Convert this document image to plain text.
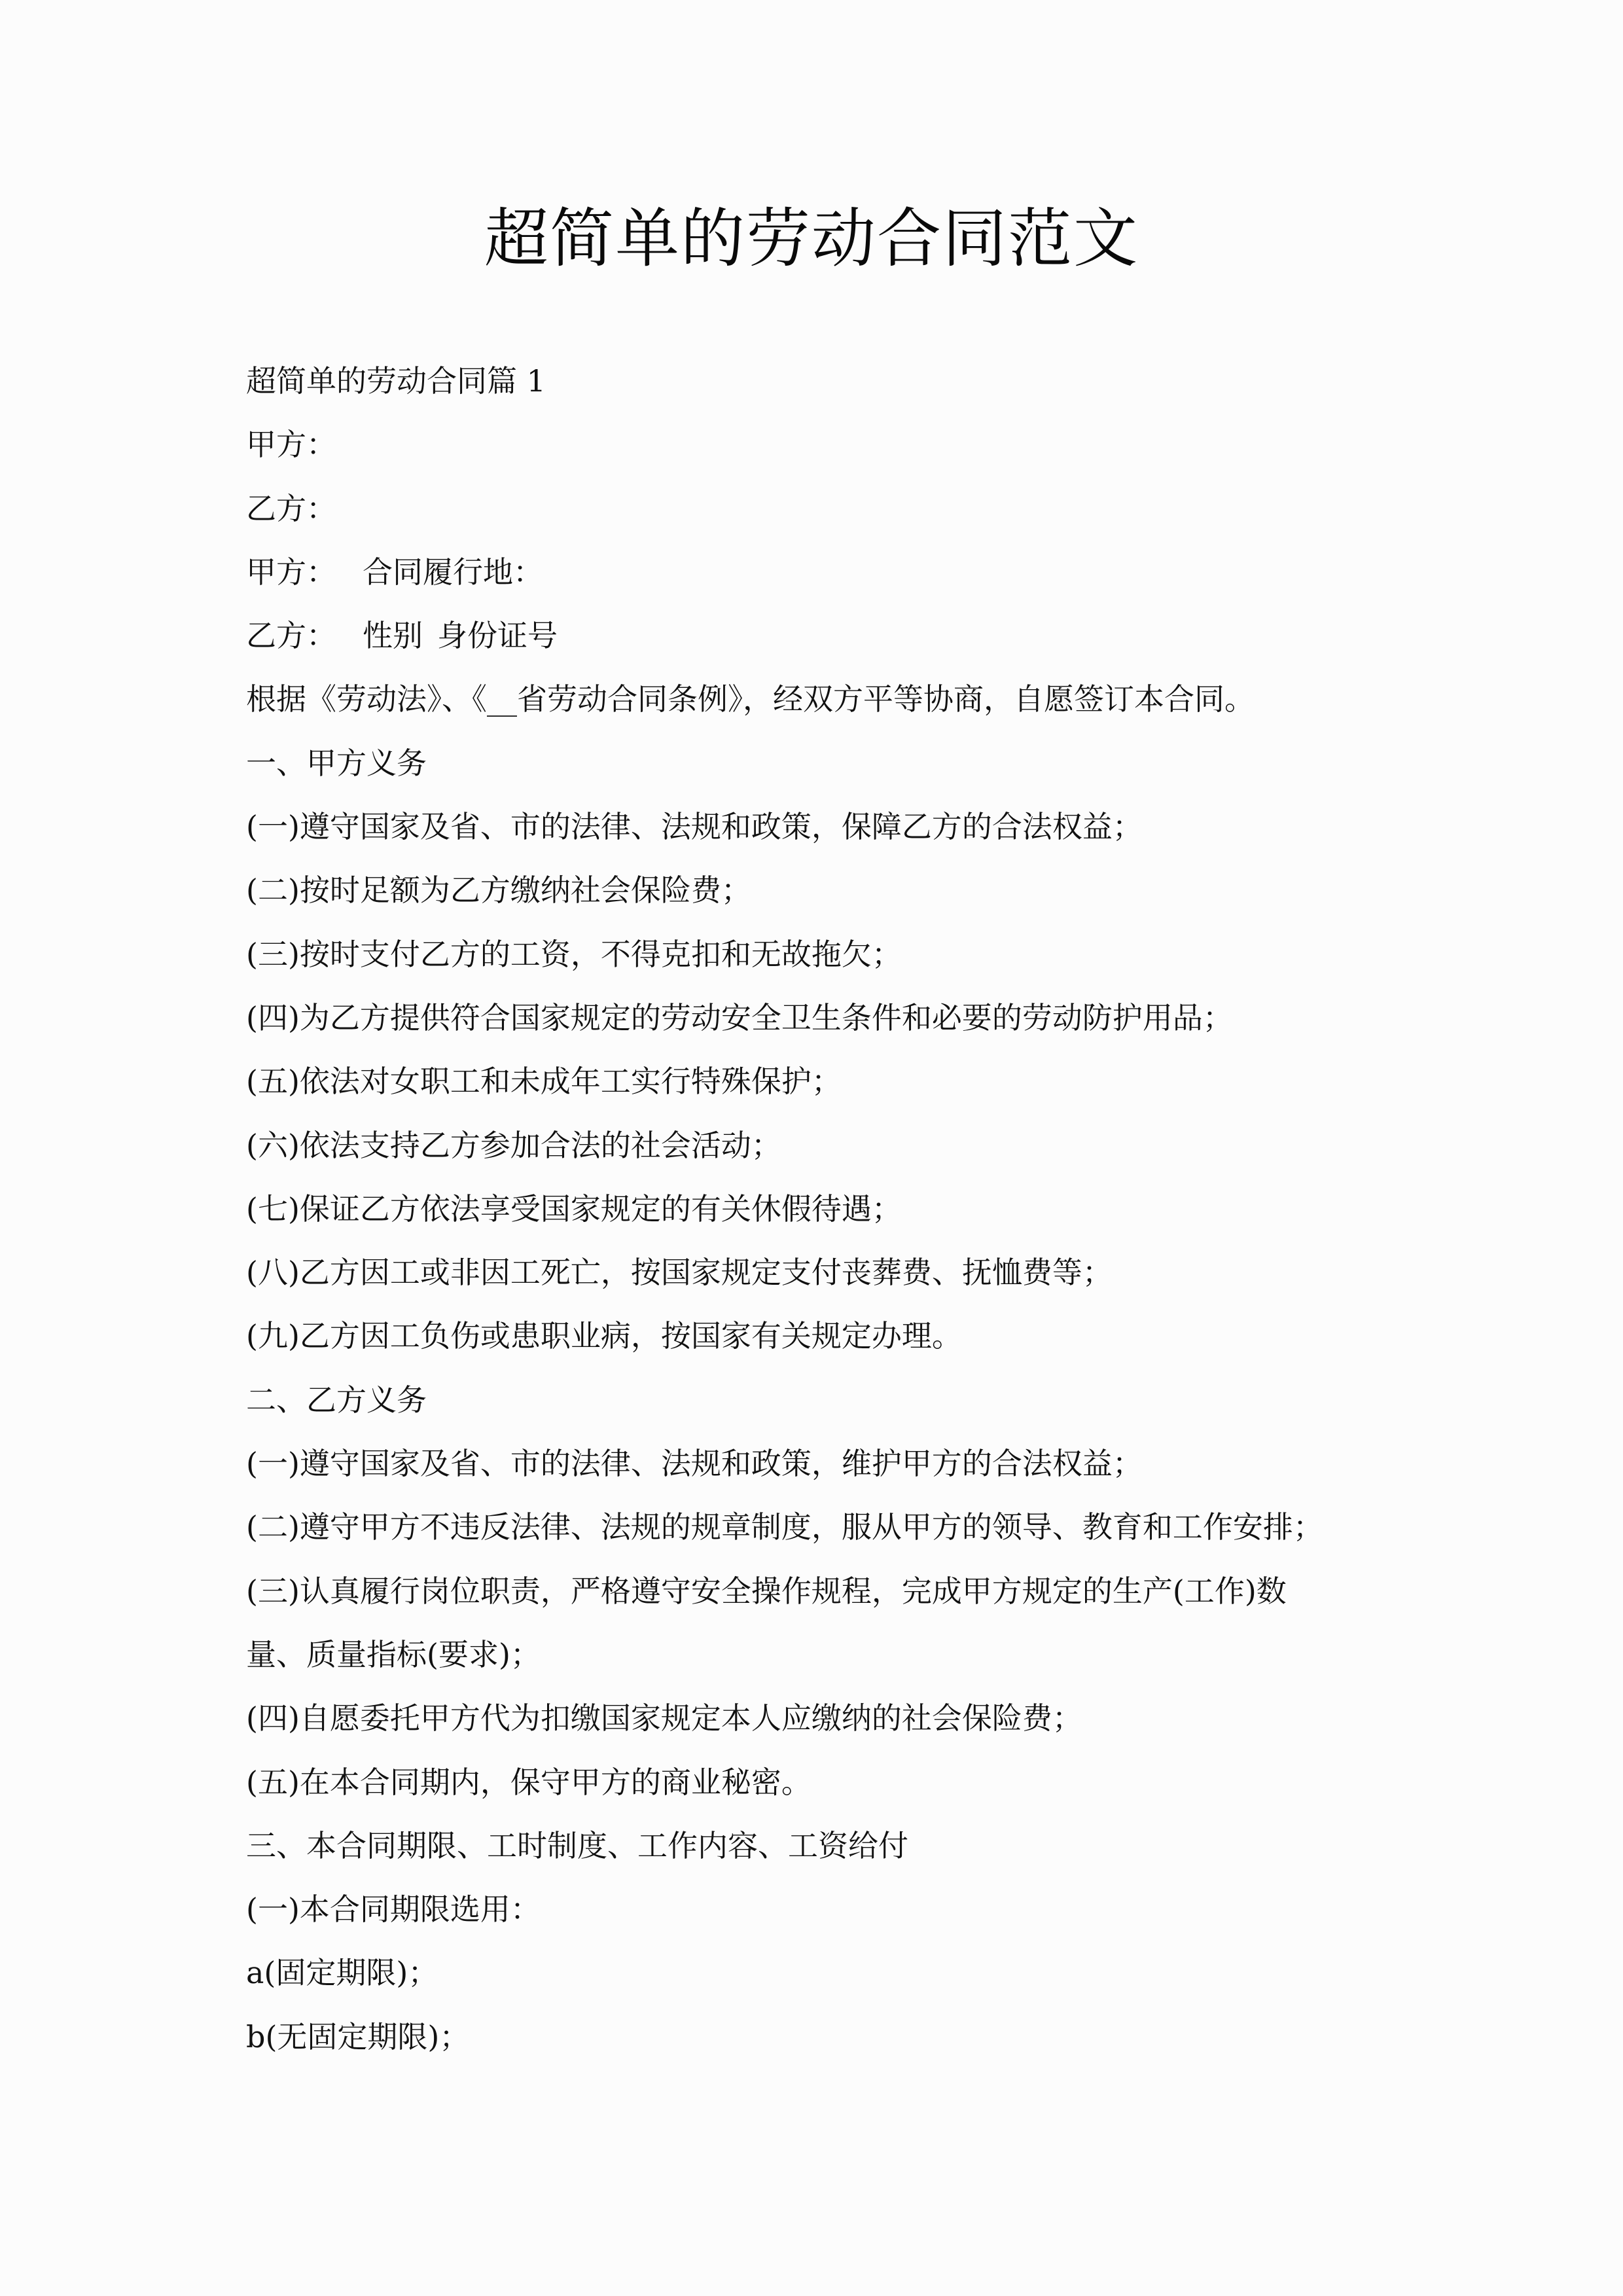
超简单的劳动合同范文

超简单的劳动合同篇 1

甲方：

乙方：

甲方： 合同履行地：

乙方： 性别 身份证号

根据《劳动法》、《__省劳动合同条例》，经双方平等协商，自愿签订本合同。

一、甲方义务

(一)遵守国家及省、市的法律、法规和政策，保障乙方的合法权益；

(二)按时足额为乙方缴纳社会保险费；

(三)按时支付乙方的工资，不得克扣和无故拖欠；

(四)为乙方提供符合国家规定的劳动安全卫生条件和必要的劳动防护用品；

(五)依法对女职工和未成年工实行特殊保护；

(六)依法支持乙方参加合法的社会活动；

(七)保证乙方依法享受国家规定的有关休假待遇；

(八)乙方因工或非因工死亡，按国家规定支付丧葬费、抚恤费等；

(九)乙方因工负伤或患职业病，按国家有关规定办理。

二、乙方义务

(一)遵守国家及省、市的法律、法规和政策，维护甲方的合法权益；

(二)遵守甲方不违反法律、法规的规章制度，服从甲方的领导、教育和工作安排；

(三)认真履行岗位职责，严格遵守安全操作规程，完成甲方规定的生产(工作)数

量、质量指标(要求)；

(四)自愿委托甲方代为扣缴国家规定本人应缴纳的社会保险费；

(五)在本合同期内，保守甲方的商业秘密。

三、本合同期限、工时制度、工作内容、工资给付

(一)本合同期限选用：

a(固定期限)；

b(无固定期限)；
